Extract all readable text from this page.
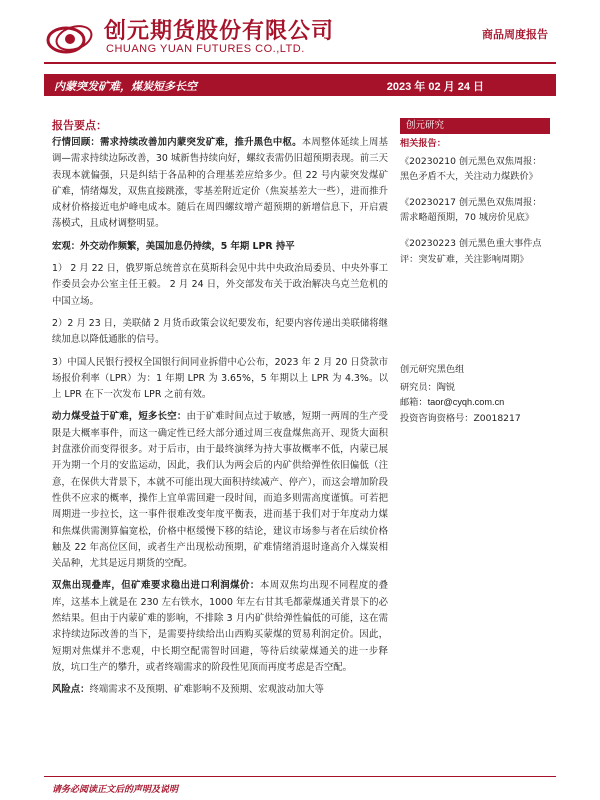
创元期货股份有限公司
CHUANG YUAN FUTURES CO.,LTD.
商品周度报告
内蒙突发矿难，煤炭短多长空	2023 年 02 月 24 日
报告要点：

行情回顾：需求持续改善加内蒙突发矿难，推升黑色中枢。本周整体延续上周基调—需求持续边际改善，30 城新售持续向好，螺纹表需仍旧超预期表现。前三天表现本就偏强，只是纠结于各品种的合理基差应给多少。但 22 号内蒙突发煤矿矿难，情绪爆发，双焦直接跳涨，零基差附近定价（焦炭基差大一些），进而推升成材价格接近电炉峰电成本。随后在周四螺纹增产超预期的新增信息下，开启震荡模式，且成材调整明显。

宏观：外交动作频繁，美国加息仍持续，5 年期 LPR 持平

1） 2 月 22 日，俄罗斯总统普京在莫斯科会见中共中央政治局委员、中央外事工作委员会办公室主任王毅。 2 月 24 日，外交部发布关于政治解决乌克兰危机的中国立场。

2）2 月 23 日，美联储 2 月货币政策会议纪要发布，纪要内容传递出美联储将继续加息以降低通胀的信号。

3）中国人民银行授权全国银行间同业拆借中心公布，2023 年 2 月 20 日贷款市场报价利率（LPR）为：1 年期 LPR 为 3.65%，5 年期以上 LPR 为 4.3%。以上 LPR 在下一次发布 LPR 之前有效。

动力煤受益于矿难，短多长空：由于矿难时间点过于敏感，短期一两周的生产受限是大概率事件，而这一确定性已经大部分通过周三夜盘煤焦高开、现货大面积封盘涨价而变得很多。对于后市，由于最终演绎为持大事故概率不低，内蒙已展开为期一个月的安监运动，因此，我们认为两会后的内矿供给弹性依旧偏低（注意，在保供大背景下，本就不可能出现大面积持续减产、停产），而这会增加阶段性供不应求的概率，操作上宜单需回避一段时间，而追多则需高度谨慎。可若把周期进一步拉长，这一事件很难改变年度平衡表，进而基于我们对于年度动力煤和焦煤供需测算偏宽松，价格中枢缓慢下移的结论，建议市场参与者在后续价格触及 22 年高位区间，或者生产出现松动预期，矿难情绪消退时逢高介入煤炭相关品种，尤其是远月期货的空配。

双焦出现叠库，但矿难要求稳出进口利润煤价：本周双焦均出现不同程度的叠库，这基本上就是在 230 左右铁水，1000 年左右甘其毛都蒙煤通关背景下的必然结果。但由于内蒙矿难的影响，不排除 3 月内矿供给弹性偏低的可能，这在需求持续边际改善的当下，是需要持续给出山西购买蒙煤的贸易利润定价。因此，短期对焦煤并不悲观，中长期空配需智时回避，等待后续蒙煤通关的进一步释放，坑口生产的攀升，或者终端需求的阶段性见顶而再度考虑是否空配。

风险点：终端需求不及预期、矿难影响不及预期、宏观波动加大等

创元研究
相关报告：

《20230210 创元黑色双焦周报：黑色矛盾不大，关注动力煤跌价》

《20230217 创元黑色双焦周报：需求略超预期，70 城房价见底》

《20230223 创元黑色重大事件点评：突发矿难，关注影响周期》

创元研究黑色组
研究员：陶锐
邮箱：taor@cyqh.com.cn
投资咨询资格号：Z0018217
请务必阅读正文后的声明及说明
